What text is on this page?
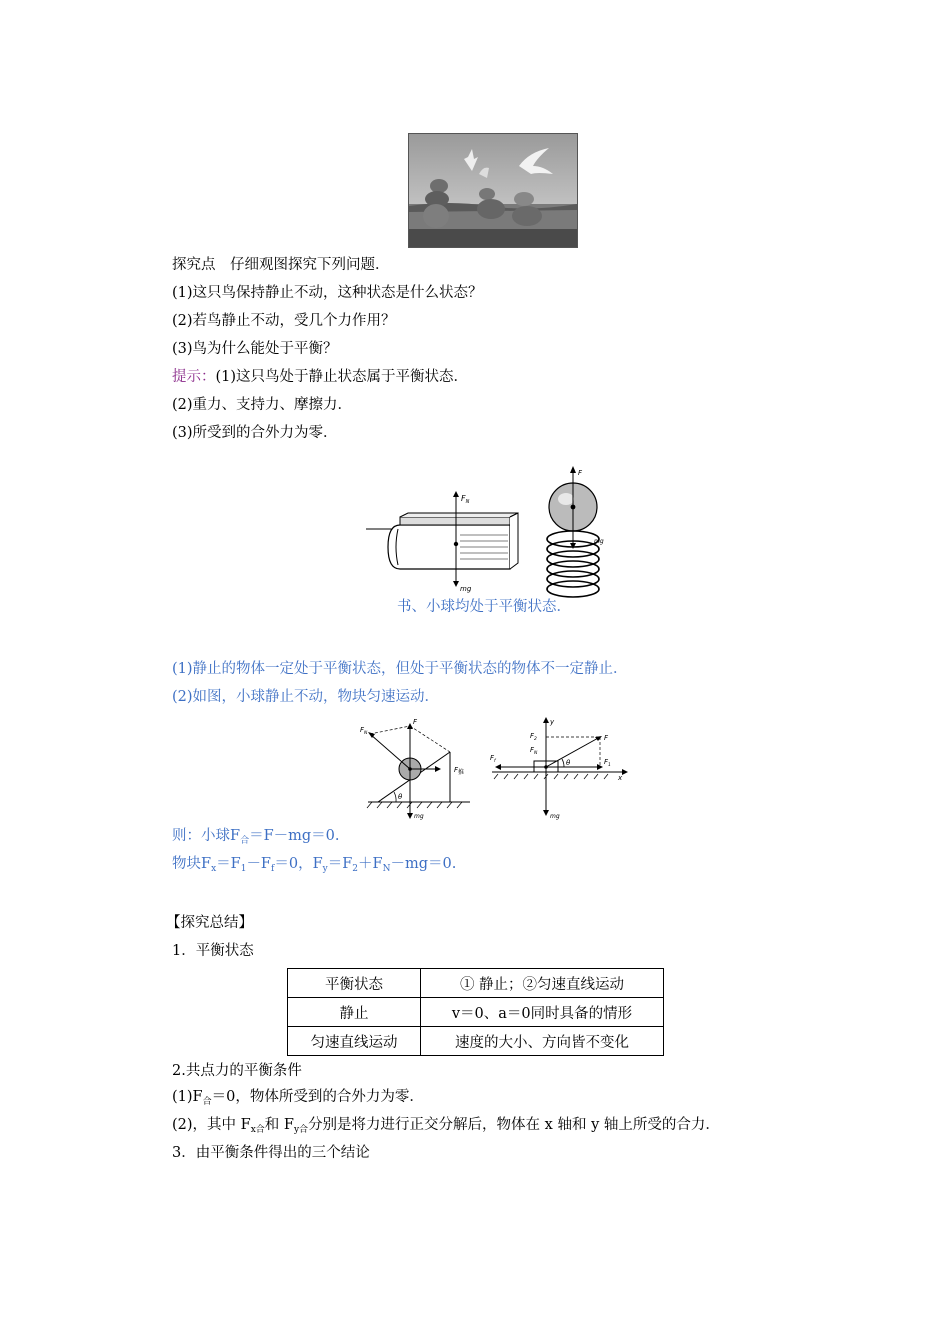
探究点　仔细观图探究下列问题．
(1)这只鸟保持静止不动，这种状态是什么状态？
(2)若鸟静止不动，受几个力作用？
(3)鸟为什么能处于平衡？
提示：(1)这只鸟处于静止状态属于平衡状态．
(2)重力、支持力、摩擦力．
(3)所受到的合外力为零．
$F_N$
mg
F
mg
书、小球均处于平衡状态．
(1)静止的物体一定处于平衡状态，但处于平衡状态的物体不一定静止．
(2)如图，小球静止不动，物块匀速运动．
θ
$F_N$
F
F推
mg
x
y
θ
$F_2$
$F_N$
F
$F_f$	$F_1$
mg
则：小球$F_合=F-mg=0$.
物块$F_x=F_1-F_f=0$，$F_y=F_2+F_N-mg=0$.
【探究总结】
1．平衡状态
平衡状态	① 静止；②匀速直线运动
静止	v＝0、a＝0同时具备的情形
匀速直线运动	速度的大小、方向皆不变化
2.共点力的平衡条件
$(1)F_合=0$，物体所受到的合外力为零．
(2)，其中 $F_{x合}$和 $F_{y合}$分别是将力进行正交分解后，物体在 x 轴和 y 轴上所受的合力．
3．由平衡条件得出的三个结论
